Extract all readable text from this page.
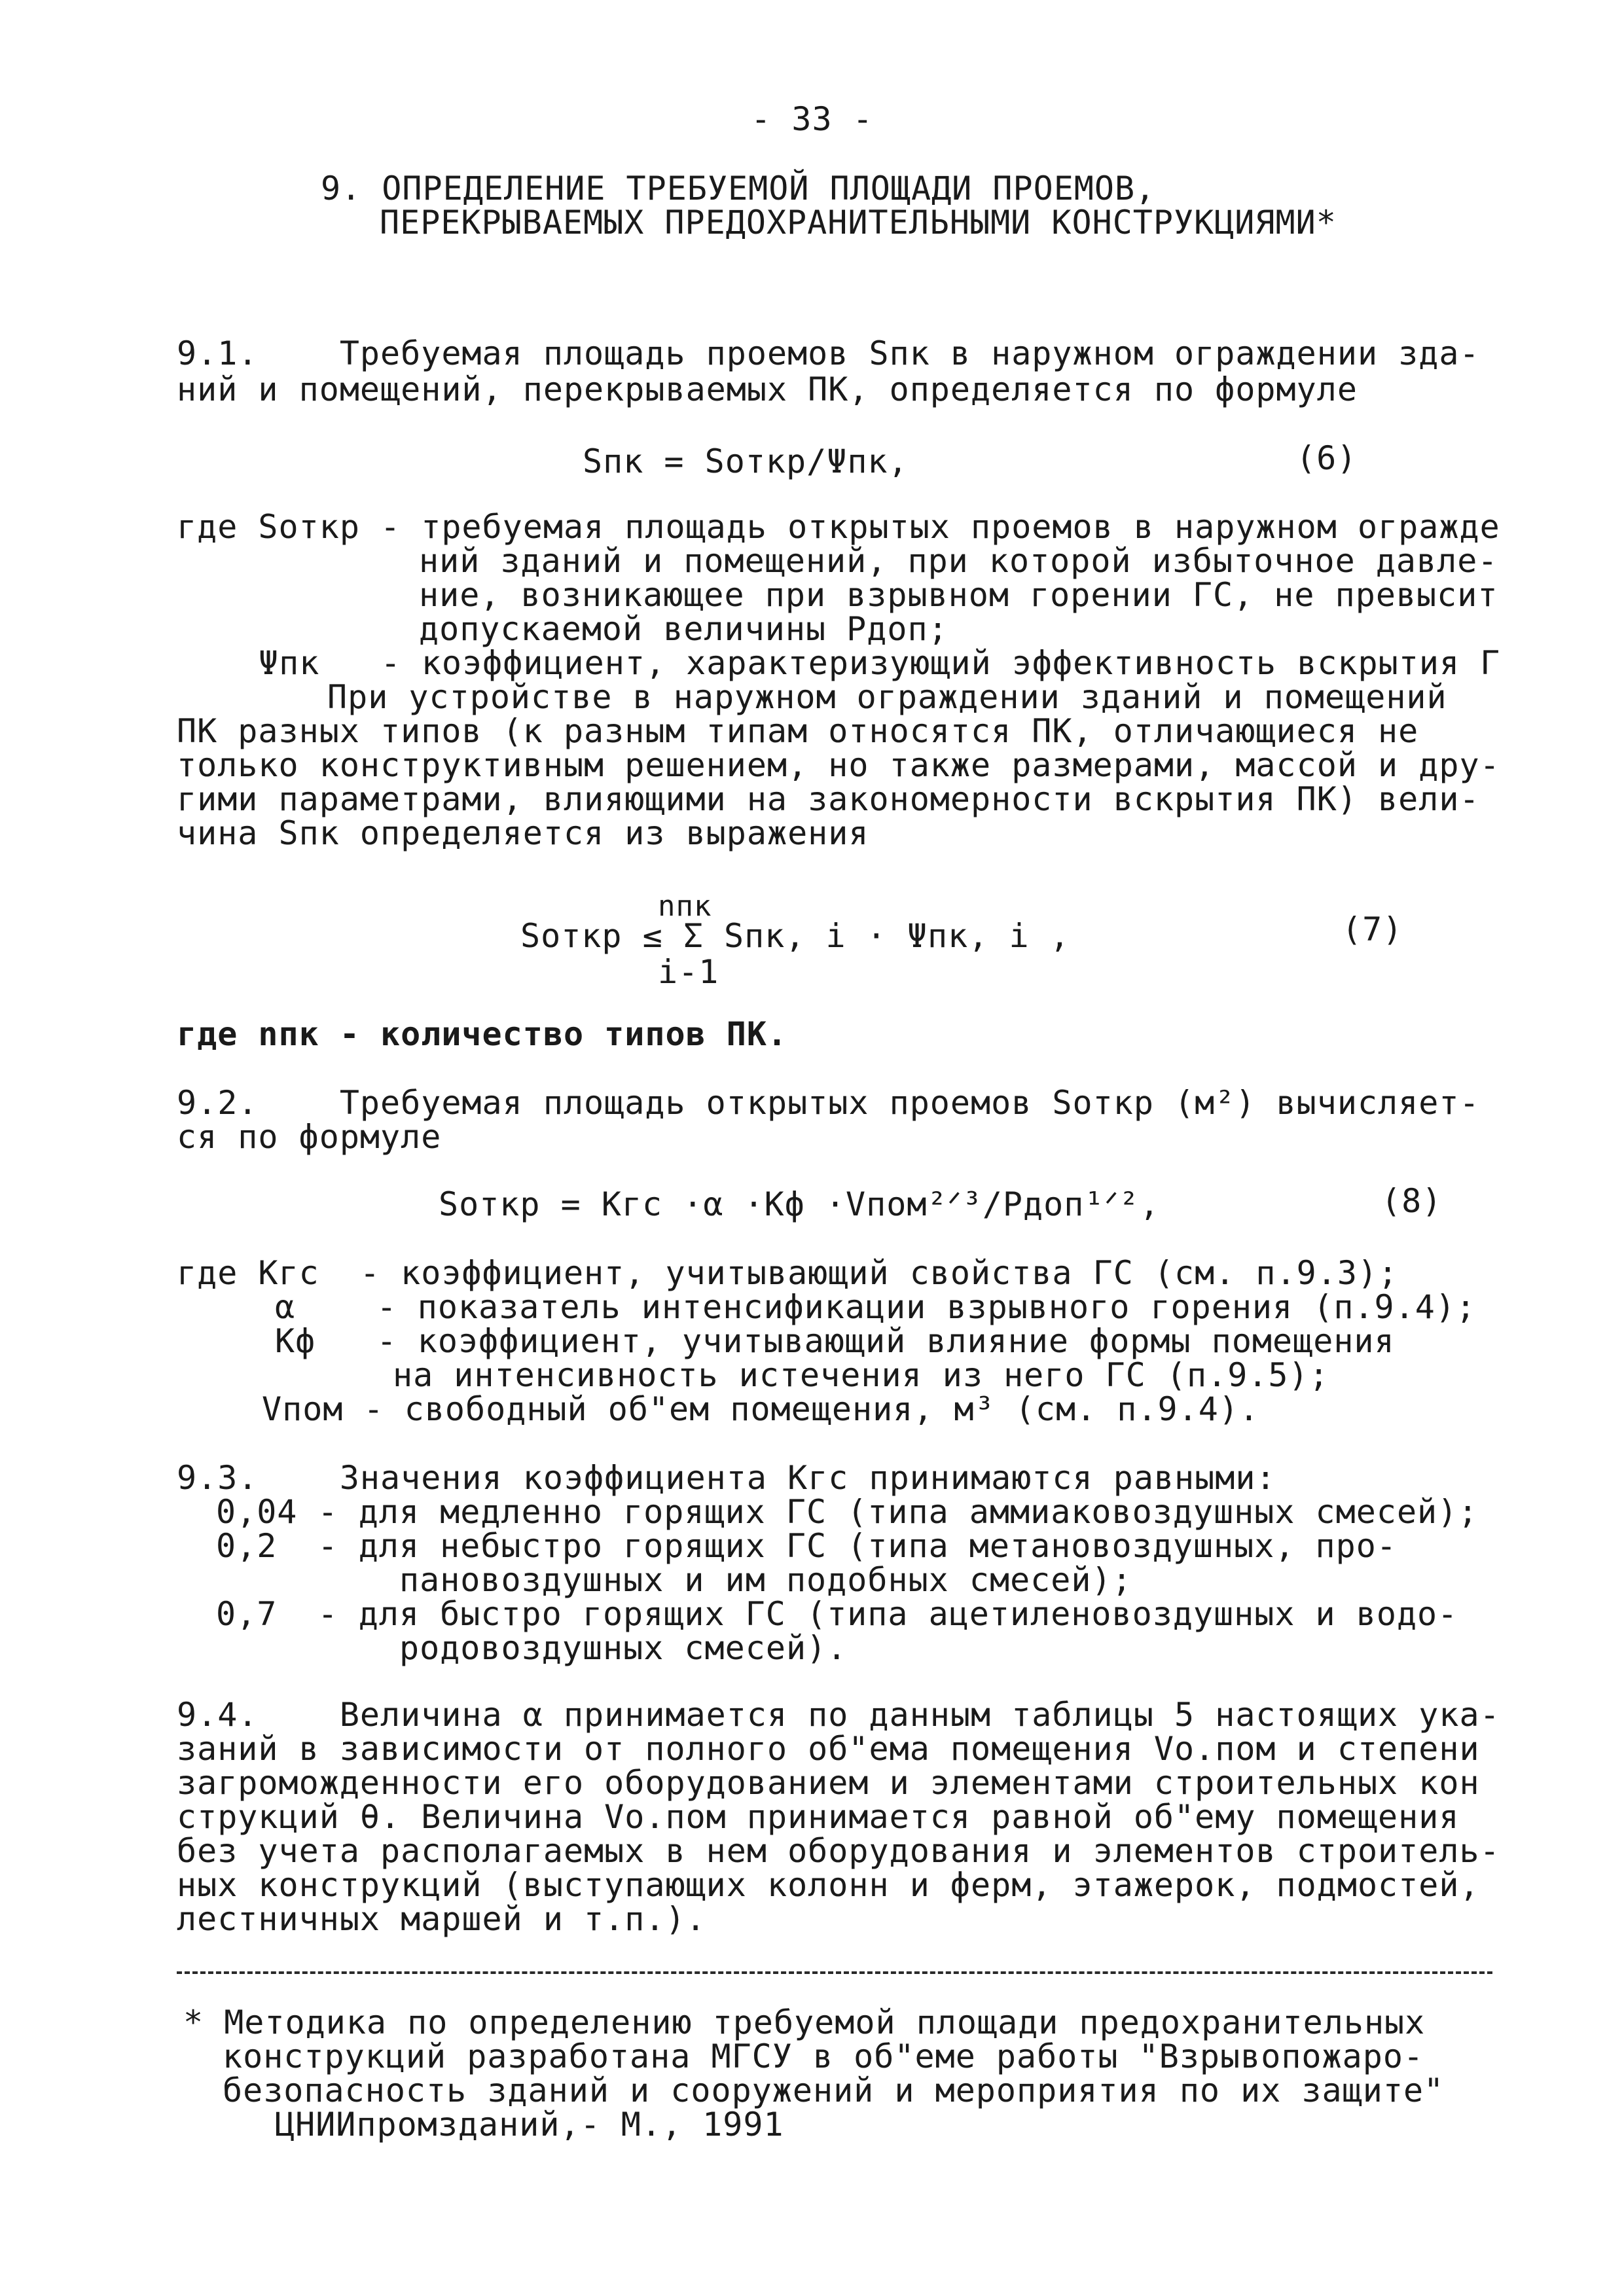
- 33 -
9. ОПРЕДЕЛЕНИЕ ТРЕБУЕМОЙ ПЛОЩАДИ ПРОЕМОВ,
ПЕРЕКРЫВАЕМЫХ ПРЕДОХРАНИТЕЛЬНЫМИ КОНСТРУКЦИЯМИ*
9.1.    Требуемая площадь проемов Sпк в наружном ограждении зда-
ний и помещений, перекрываемых ПК, определяется по формуле
Sпк = Sоткр/Ψпк,	(6)
где Sоткр - требуемая площадь открытых проемов в наружном огражде
ний зданий и помещений, при которой избыточное давле-
ние, возникающее при взрывном горении ГС, не превысит
допускаемой величины Pдоп;
Ψпк   - коэффициент, характеризующий эффективность вскрытия Г
При устройстве в наружном ограждении зданий и помещений
ПК разных типов (к разным типам относятся ПК, отличающиеся не
только конструктивным решением, но также размерами, массой и дру-
гими параметрами, влияющими на закономерности вскрытия ПК) вели-
чина Sпк определяется из выражения
nпк
Sоткр ≤ Σ Sпк, i · Ψпк, i ,
i-1
(7)
где nпк - количество типов ПК.
9.2.    Требуемая площадь открытых проемов Sоткр (м²) вычисляет-
ся по формуле
Sоткр = Кгс ·α ·Кф ·Vпом²ᐟ³/Pдоп¹ᐟ²,	(8)
где Кгс  - коэффициент, учитывающий свойства ГС (см. п.9.3);
α    - показатель интенсификации взрывного горения (п.9.4);
Кф   - коэффициент, учитывающий влияние формы помещения
на интенсивность истечения из него ГС (п.9.5);
Vпом - свободный об"ем помещения, м³ (см. п.9.4).
9.3.    Значения коэффициента Кгс принимаются равными:
0,04 - для медленно горящих ГС (типа аммиаковоздушных смесей);
0,2  - для небыстро горящих ГС (типа метановоздушных, про-
пановоздушных и им подобных смесей);
0,7  - для быстро горящих ГС (типа ацетиленовоздушных и водо-
родовоздушных смесей).
9.4.    Величина α принимается по данным таблицы 5 настоящих ука-
заний в зависимости от полного об"ема помещения Vо.пом и степени
загроможденности его оборудованием и элементами строительных кон
струкций θ. Величина Vо.пом принимается равной об"ему помещения
без учета располагаемых в нем оборудования и элементов строитель-
ных конструкций (выступающих колонн и ферм, этажерок, подмостей,
лестничных маршей и т.п.).
* Методика по определению требуемой площади предохранительных
конструкций разработана МГСУ в об"еме работы "Взрывопожаро-
безопасность зданий и сооружений и мероприятия по их защите"
ЦНИИпромзданий,- М., 1991
